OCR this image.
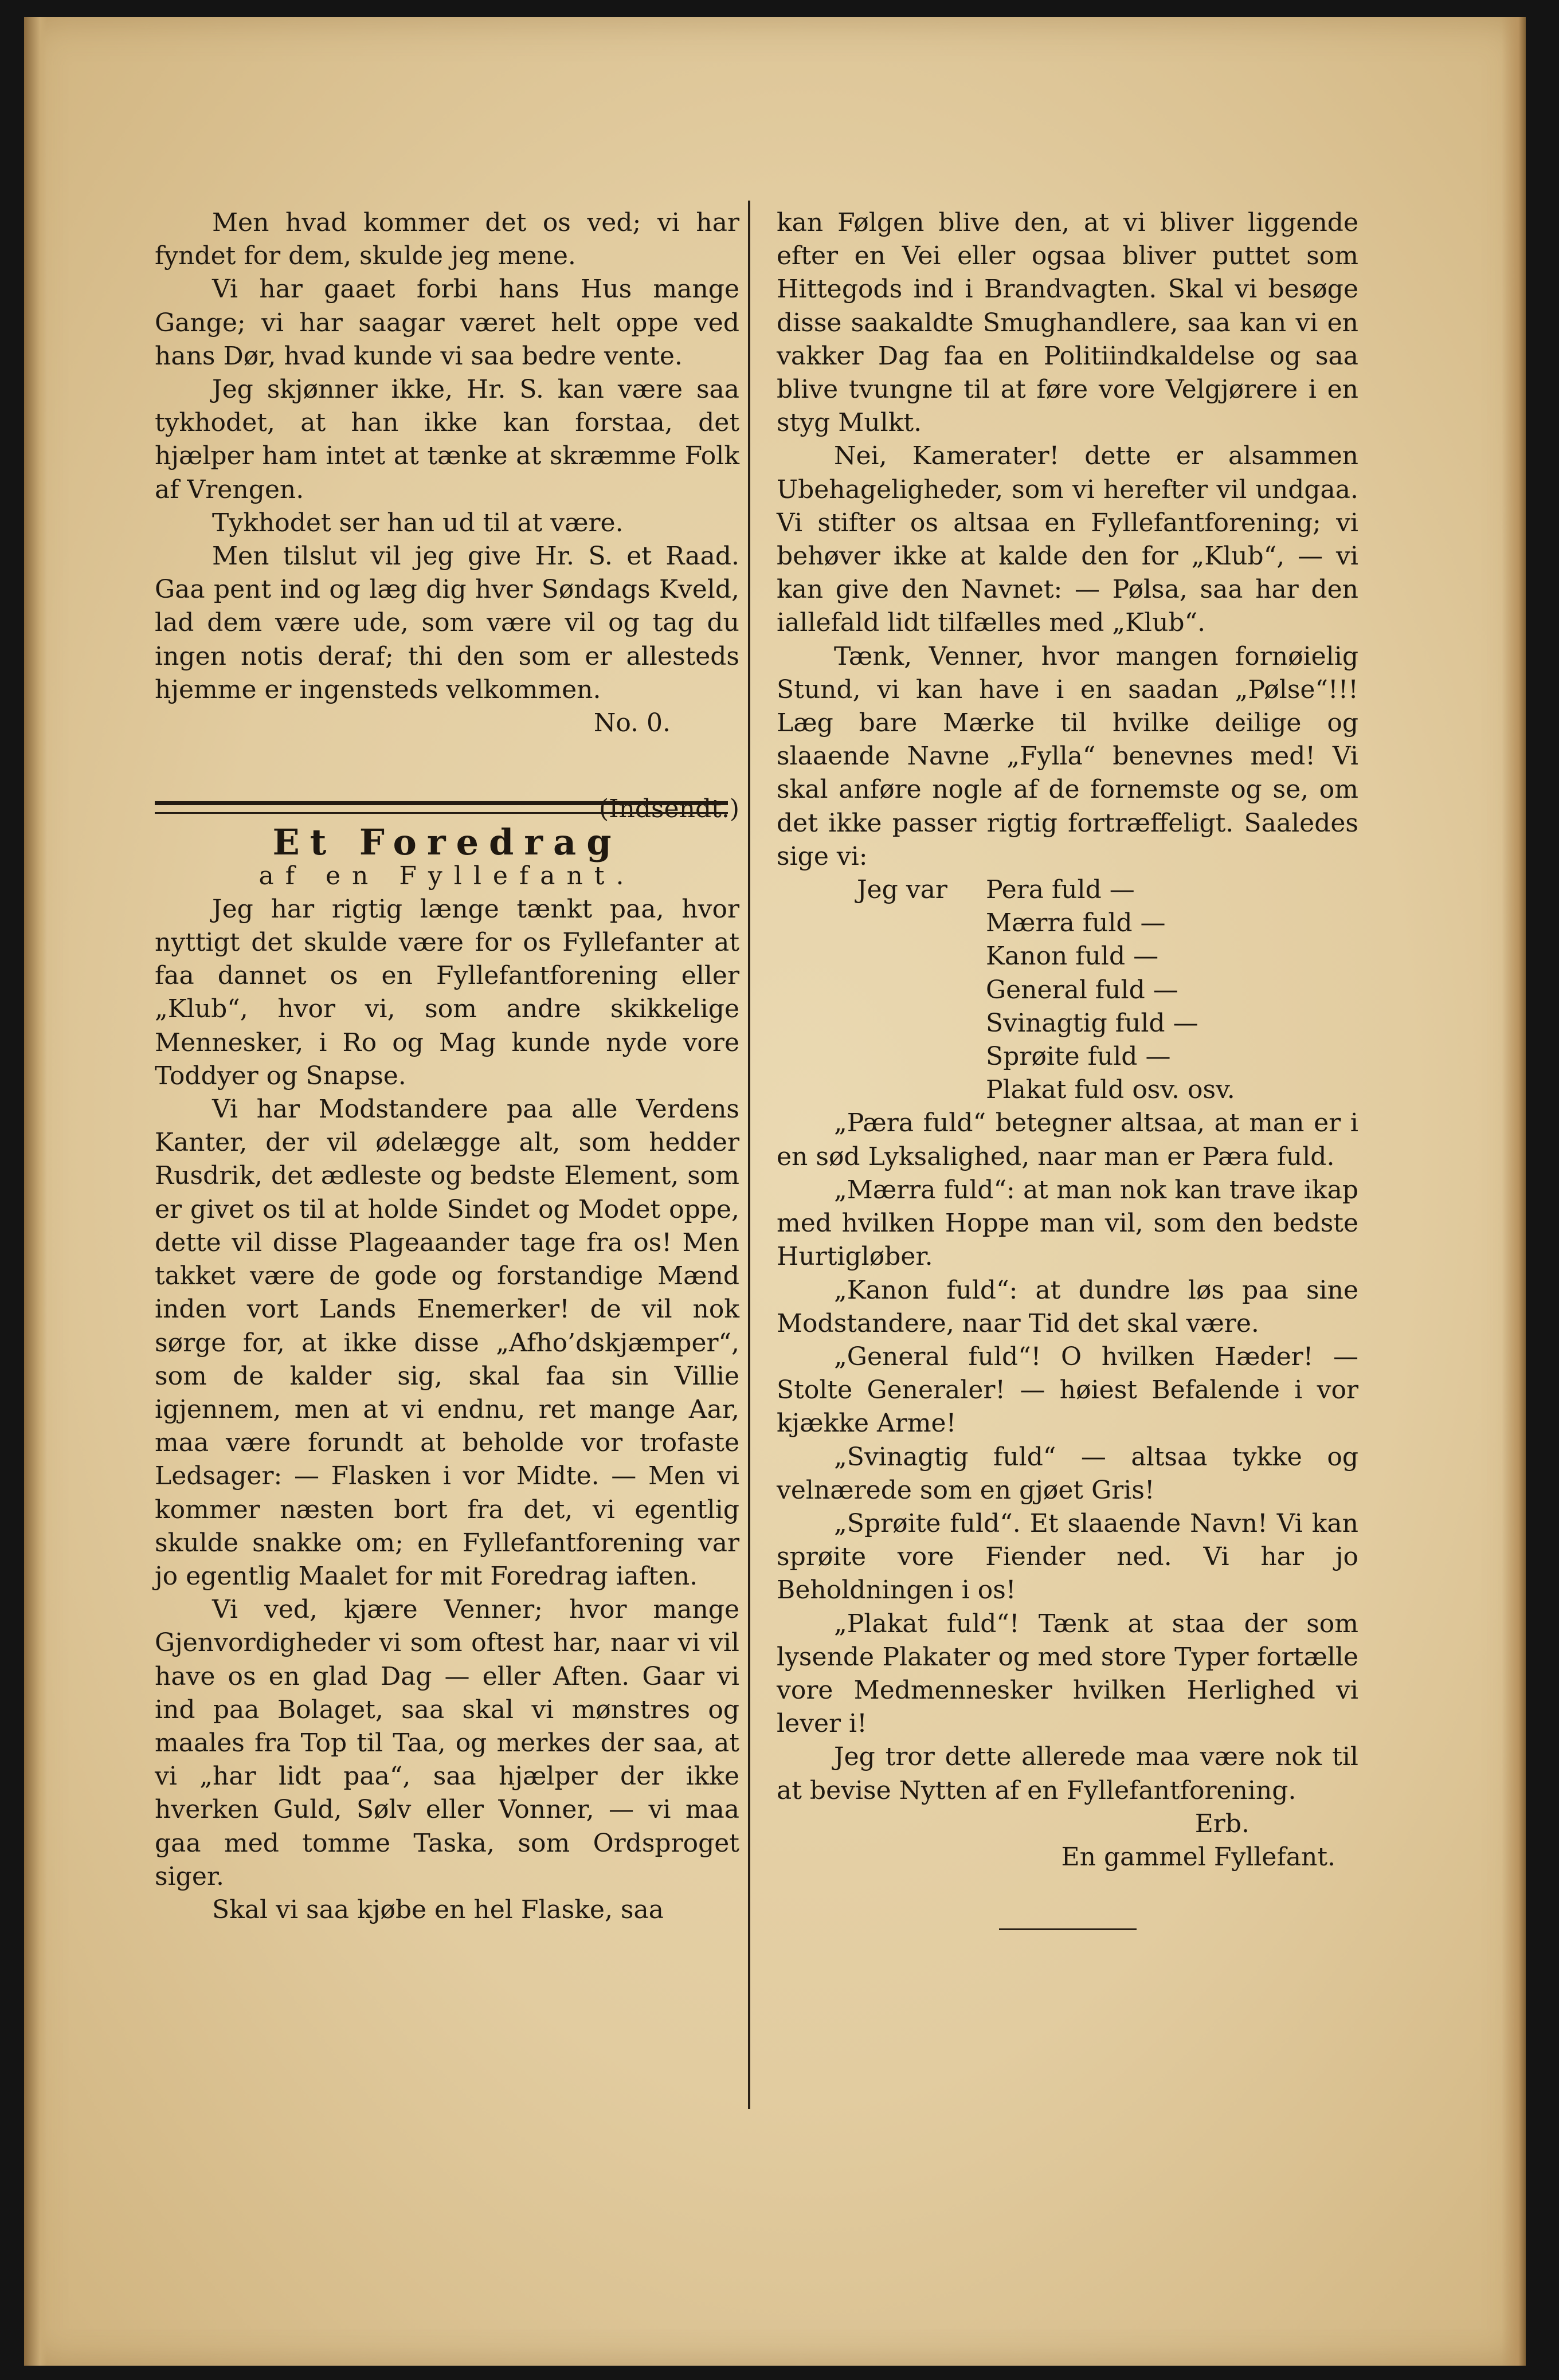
Men hvad kommer det os ved; vi har fyndet for dem, skulde jeg mene.

Vi har gaaet forbi hans Hus mange Gange; vi har saagar været helt oppe ved hans Dør, hvad kunde vi saa bedre vente.

Jeg skjønner ikke, Hr. S. kan være saa tykhodet, at han ikke kan forstaa, det hjælper ham intet at tænke at skræmme Folk af Vrengen.

Tykhodet ser han ud til at være.

Men tilslut vil jeg give Hr. S. et Raad. Gaa pent ind og læg dig hver Søndags Kveld, lad dem være ude, som være vil og tag du ingen notis deraf; thi den som er allesteds hjemme er ingensteds velkommen.

No. 0.

(Indsendt.)

Et Foredrag

af en Fyllefant.

Jeg har rigtig længe tænkt paa, hvor nyttigt det skulde være for os Fyllefanter at faa dannet os en Fyllefantforening eller „Klub“, hvor vi, som andre skikkelige Mennesker, i Ro og Mag kunde nyde vore Toddyer og Snapse.

Vi har Modstandere paa alle Verdens Kanter, der vil ødelægge alt, som hedder Rusdrik, det ædleste og bedste Element, som er givet os til at holde Sindet og Modet oppe, dette vil disse Plageaander tage fra os! Men takket være de gode og forstandige Mænd inden vort Lands Enemerker! de vil nok sørge for, at ikke disse „Afho’dskjæmper“, som de kalder sig, skal faa sin Villie igjennem, men at vi endnu, ret mange Aar, maa være forundt at beholde vor trofaste Ledsager: — Flasken i vor Midte. — Men vi kommer næsten bort fra det, vi egentlig skulde snakke om; en Fyllefantforening var jo egentlig Maalet for mit Foredrag iaften.

Vi ved, kjære Venner; hvor mange Gjenvordigheder vi som oftest har, naar vi vil have os en glad Dag — eller Aften. Gaar vi ind paa Bolaget, saa skal vi mønstres og maales fra Top til Taa, og merkes der saa, at vi „har lidt paa“, saa hjælper der ikke hverken Guld, Sølv eller Vonner, — vi maa gaa med tomme Taska, som Ordsproget siger.

Skal vi saa kjøbe en hel Flaske, saa

kan Følgen blive den, at vi bliver liggende efter en Vei eller ogsaa bliver puttet som Hittegods ind i Brandvagten. Skal vi besøge disse saakaldte Smughandlere, saa kan vi en vakker Dag faa en Politiindkaldelse og saa blive tvungne til at føre vore Velgjørere i en styg Mulkt.

Nei, Kamerater! dette er alsammen Ubehageligheder, som vi herefter vil undgaa. Vi stifter os altsaa en Fyllefantforening; vi behøver ikke at kalde den for „Klub“, — vi kan give den Navnet: — Pølsa, saa har den iallefald lidt tilfælles med „Klub“.

Tænk, Venner, hvor mangen fornøielig Stund, vi kan have i en saadan „Pølse“!!! Læg bare Mærke til hvilke deilige og slaaende Navne „Fylla“ benevnes med! Vi skal anføre nogle af de fornemste og se, om det ikke passer rigtig fortræffeligt. Saaledes sige vi:

Jeg var Pera fuld —

Mærra fuld —

Kanon fuld —

General fuld —

Svinagtig fuld —

Sprøite fuld —

Plakat fuld osv. osv.

„Pæra fuld“ betegner altsaa, at man er i en sød Lyksalighed, naar man er Pæra fuld.

„Mærra fuld“: at man nok kan trave ikap med hvilken Hoppe man vil, som den bedste Hurtigløber.

„Kanon fuld“: at dundre løs paa sine Modstandere, naar Tid det skal være.

„General fuld“! O hvilken Hæder! — Stolte Generaler! — høiest Befalende i vor kjække Arme!

„Svinagtig fuld“ — altsaa tykke og velnærede som en gjøet Gris!

„Sprøite fuld“. Et slaaende Navn! Vi kan sprøite vore Fiender ned. Vi har jo Beholdningen i os!

„Plakat fuld“! Tænk at staa der som lysende Plakater og med store Typer fortælle vore Medmennesker hvilken Herlighed vi lever i!

Jeg tror dette allerede maa være nok til at bevise Nytten af en Fyllefantforening.

Erb.

En gammel Fyllefant.
